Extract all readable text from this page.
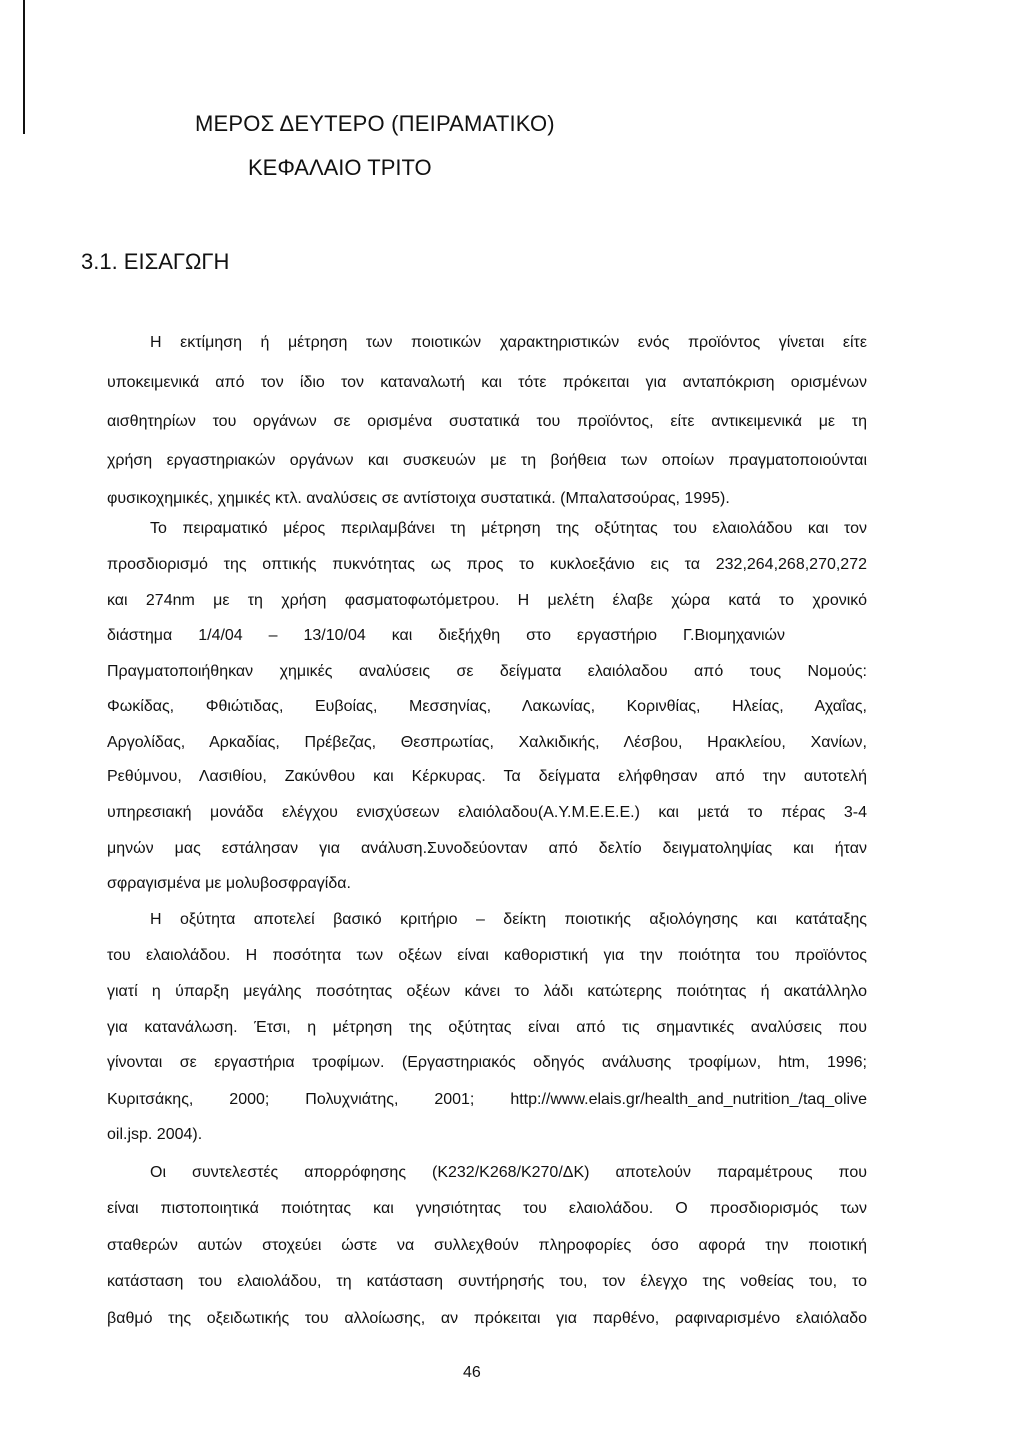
ΜΕΡΟΣ ΔΕΥΤΕΡΟ (ΠΕΙΡΑΜΑΤΙΚΟ)
ΚΕΦΑΛΑΙΟ ΤΡΙΤΟ
3.1. ΕΙΣΑΓΩΓΗ
Η εκτίμηση ή μέτρηση των ποιοτικών χαρακτηριστικών ενός προϊόντος γίνεται είτε
υποκειμενικά από τον ίδιο τον καταναλωτή και τότε πρόκειται για ανταπόκριση ορισμένων
αισθητηρίων του οργάνων σε ορισμένα συστατικά του προϊόντος, είτε αντικειμενικά με τη
χρήση εργαστηριακών οργάνων και συσκευών με τη βοήθεια των οποίων πραγματοποιούνται
φυσικοχημικές, χημικές κτλ. αναλύσεις σε αντίστοιχα συστατικά. (Μπαλατσούρας, 1995).
Το πειραματικό μέρος περιλαμβάνει τη μέτρηση της οξύτητας του ελαιολάδου και τον
προσδιορισμό της οπτικής πυκνότητας ως προς το κυκλοεξάνιο εις τα 232,264,268,270,272
και 274nm με τη χρήση φασματοφωτόμετρου. Η μελέτη έλαβε χώρα κατά το χρονικό
διάστημα 1/4/04 – 13/10/04 και διεξήχθη στο εργαστήριο Γ.Βιομηχανιών
Πραγματοποιήθηκαν χημικές αναλύσεις σε δείγματα ελαιόλαδου από τους Νομούς:
Φωκίδας, Φθιώτιδας, Ευβοίας, Μεσσηνίας, Λακωνίας, Κορινθίας, Ηλείας, Αχαΐας,
Αργολίδας, Αρκαδίας, Πρέβεζας, Θεσπρωτίας, Χαλκιδικής, Λέσβου, Ηρακλείου, Χανίων,
Ρεθύμνου, Λασιθίου, Ζακύνθου και Κέρκυρας. Τα δείγματα ελήφθησαν από την αυτοτελή
υπηρεσιακή μονάδα ελέγχου ενισχύσεων ελαιόλαδου(Α.Υ.Μ.Ε.Ε.Ε.) και μετά το πέρας 3-4
μηνών μας εστάλησαν για ανάλυση.Συνοδεύονταν από δελτίο δειγματοληψίας και ήταν
σφραγισμένα με μολυβοσφραγίδα.
Η οξύτητα αποτελεί βασικό κριτήριο – δείκτη ποιοτικής αξιολόγησης και κατάταξης
του ελαιολάδου. Η ποσότητα των οξέων είναι καθοριστική για την ποιότητα του προϊόντος
γιατί η ύπαρξη μεγάλης ποσότητας οξέων κάνει το λάδι κατώτερης ποιότητας ή ακατάλληλο
για κατανάλωση. Έτσι, η μέτρηση της οξύτητας είναι από τις σημαντικές αναλύσεις που
γίνονται σε εργαστήρια τροφίμων. (Εργαστηριακός οδηγός ανάλυσης τροφίμων, htm, 1996;
Κυριτσάκης, 2000; Πολυχνιάτης, 2001; http://www.elais.gr/health_and_nutrition_/taq_olive
oil.jsp. 2004).
Οι συντελεστές απορρόφησης (Κ232/Κ268/Κ270/ΔΚ) αποτελούν παραμέτρους που
είναι πιστοποιητικά ποιότητας και γνησιότητας του ελαιολάδου. Ο προσδιορισμός των
σταθερών αυτών στοχεύει ώστε να συλλεχθούν πληροφορίες όσο αφορά την ποιοτική
κατάσταση του ελαιολάδου, τη κατάσταση συντήρησής του, τον έλεγχο της νοθείας του, το
βαθμό της οξειδωτικής του αλλοίωσης, αν πρόκειται για παρθένο, ραφιναρισμένο ελαιόλαδο
46
